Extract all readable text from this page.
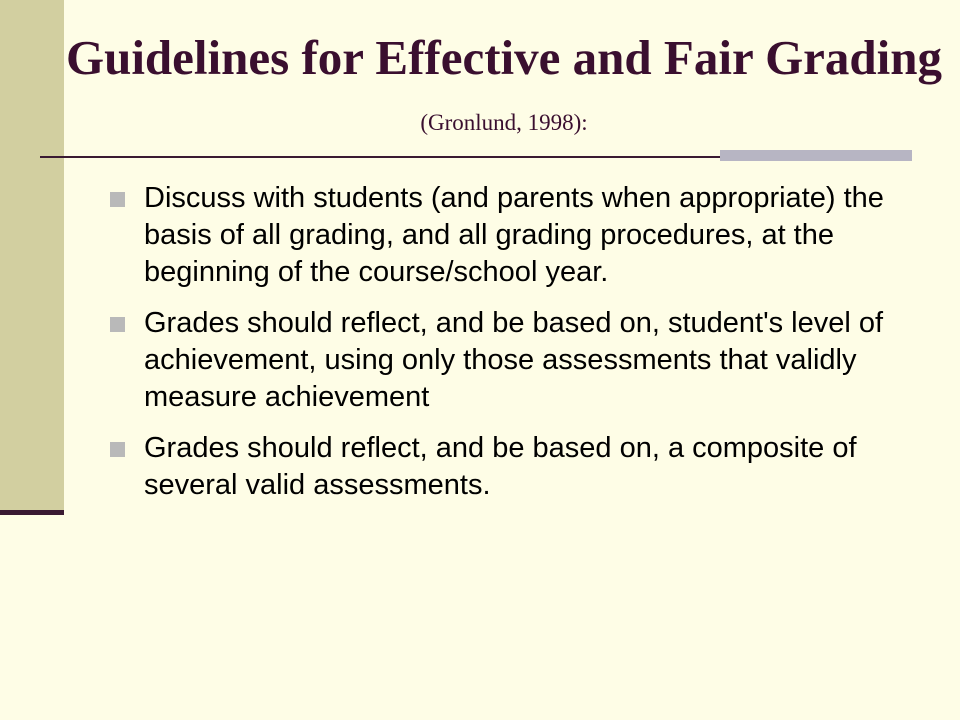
Guidelines for Effective and Fair Grading (Gronlund, 1998):
Discuss with students (and parents when appropriate) the basis of all grading, and all grading procedures, at the beginning of the course/school year.
Grades should reflect, and be based on, student's level of achievement, using only those assessments that validly measure achievement
Grades should reflect, and be based on, a composite of several valid assessments.
